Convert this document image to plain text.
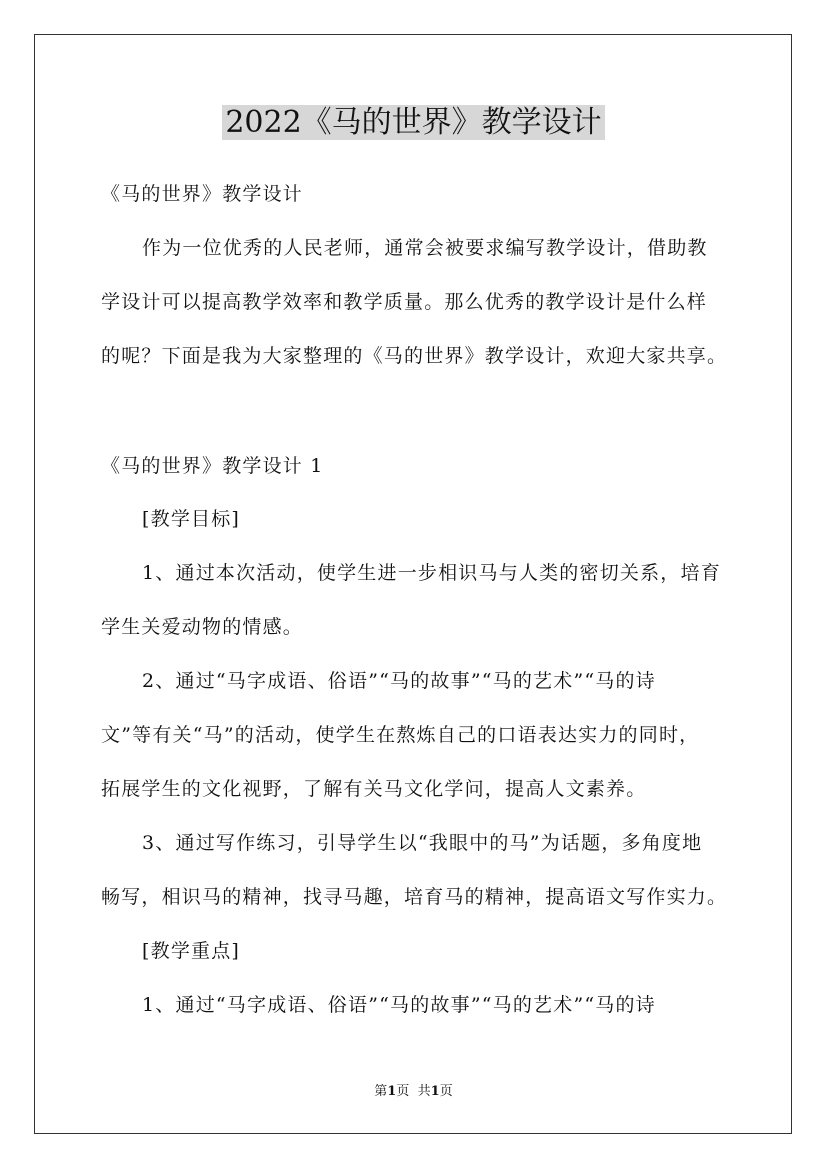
2022《马的世界》教学设计
《马的世界》教学设计
作为一位优秀的人民老师，通常会被要求编写教学设计，借助教
学设计可以提高教学效率和教学质量。那么优秀的教学设计是什么样
的呢？下面是我为大家整理的《马的世界》教学设计，欢迎大家共享。
《马的世界》教学设计 1
[教学目标]
1、通过本次活动，使学生进一步相识马与人类的密切关系，培育
学生关爱动物的情感。
2、通过“马字成语、俗语”“马的故事”“马的艺术”“马的诗
文”等有关“马”的活动，使学生在熬炼自己的口语表达实力的同时，
拓展学生的文化视野，了解有关马文化学问，提高人文素养。
3、通过写作练习，引导学生以“我眼中的马”为话题，多角度地
畅写，相识马的精神，找寻马趣，培育马的精神，提高语文写作实力。
[教学重点]
1、通过“马字成语、俗语”“马的故事”“马的艺术”“马的诗
第1页 共1页
